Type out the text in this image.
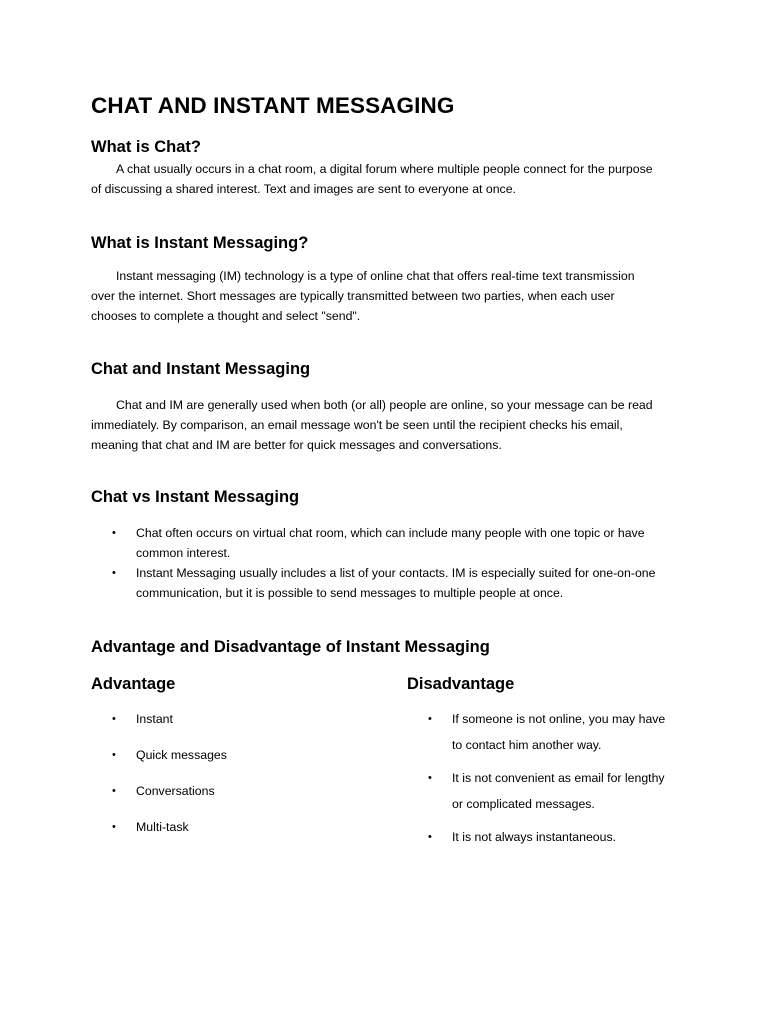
CHAT AND INSTANT MESSAGING
What is Chat?

A chat usually occurs in a chat room, a digital forum where multiple people connect for the purpose
of discussing a shared interest. Text and images are sent to everyone at once.

What is Instant Messaging?

Instant messaging (IM) technology is a type of online chat that offers real-time text transmission
over the internet. Short messages are typically transmitted between two parties, when each user
chooses to complete a thought and select "send".

Chat and Instant Messaging

Chat and IM are generally used when both (or all) people are online, so your message can be read
immediately. By comparison, an email message won't be seen until the recipient checks his email,
meaning that chat and IM are better for quick messages and conversations.

Chat vs Instant Messaging
• Chat often occurs on virtual chat room, which can include many people with one topic or have
common interest.
• Instant Messaging usually includes a list of your contacts. IM is especially suited for one-on-one
communication, but it is possible to send messages to multiple people at once.
Advantage and Disadvantage of Instant Messaging
Advantage	Disadvantage
• Instant
• Quick messages
• Conversations
• Multi-task
• If someone is not online, you may have
to contact him another way.
• It is not convenient as email for lengthy
or complicated messages.
• It is not always instantaneous.
